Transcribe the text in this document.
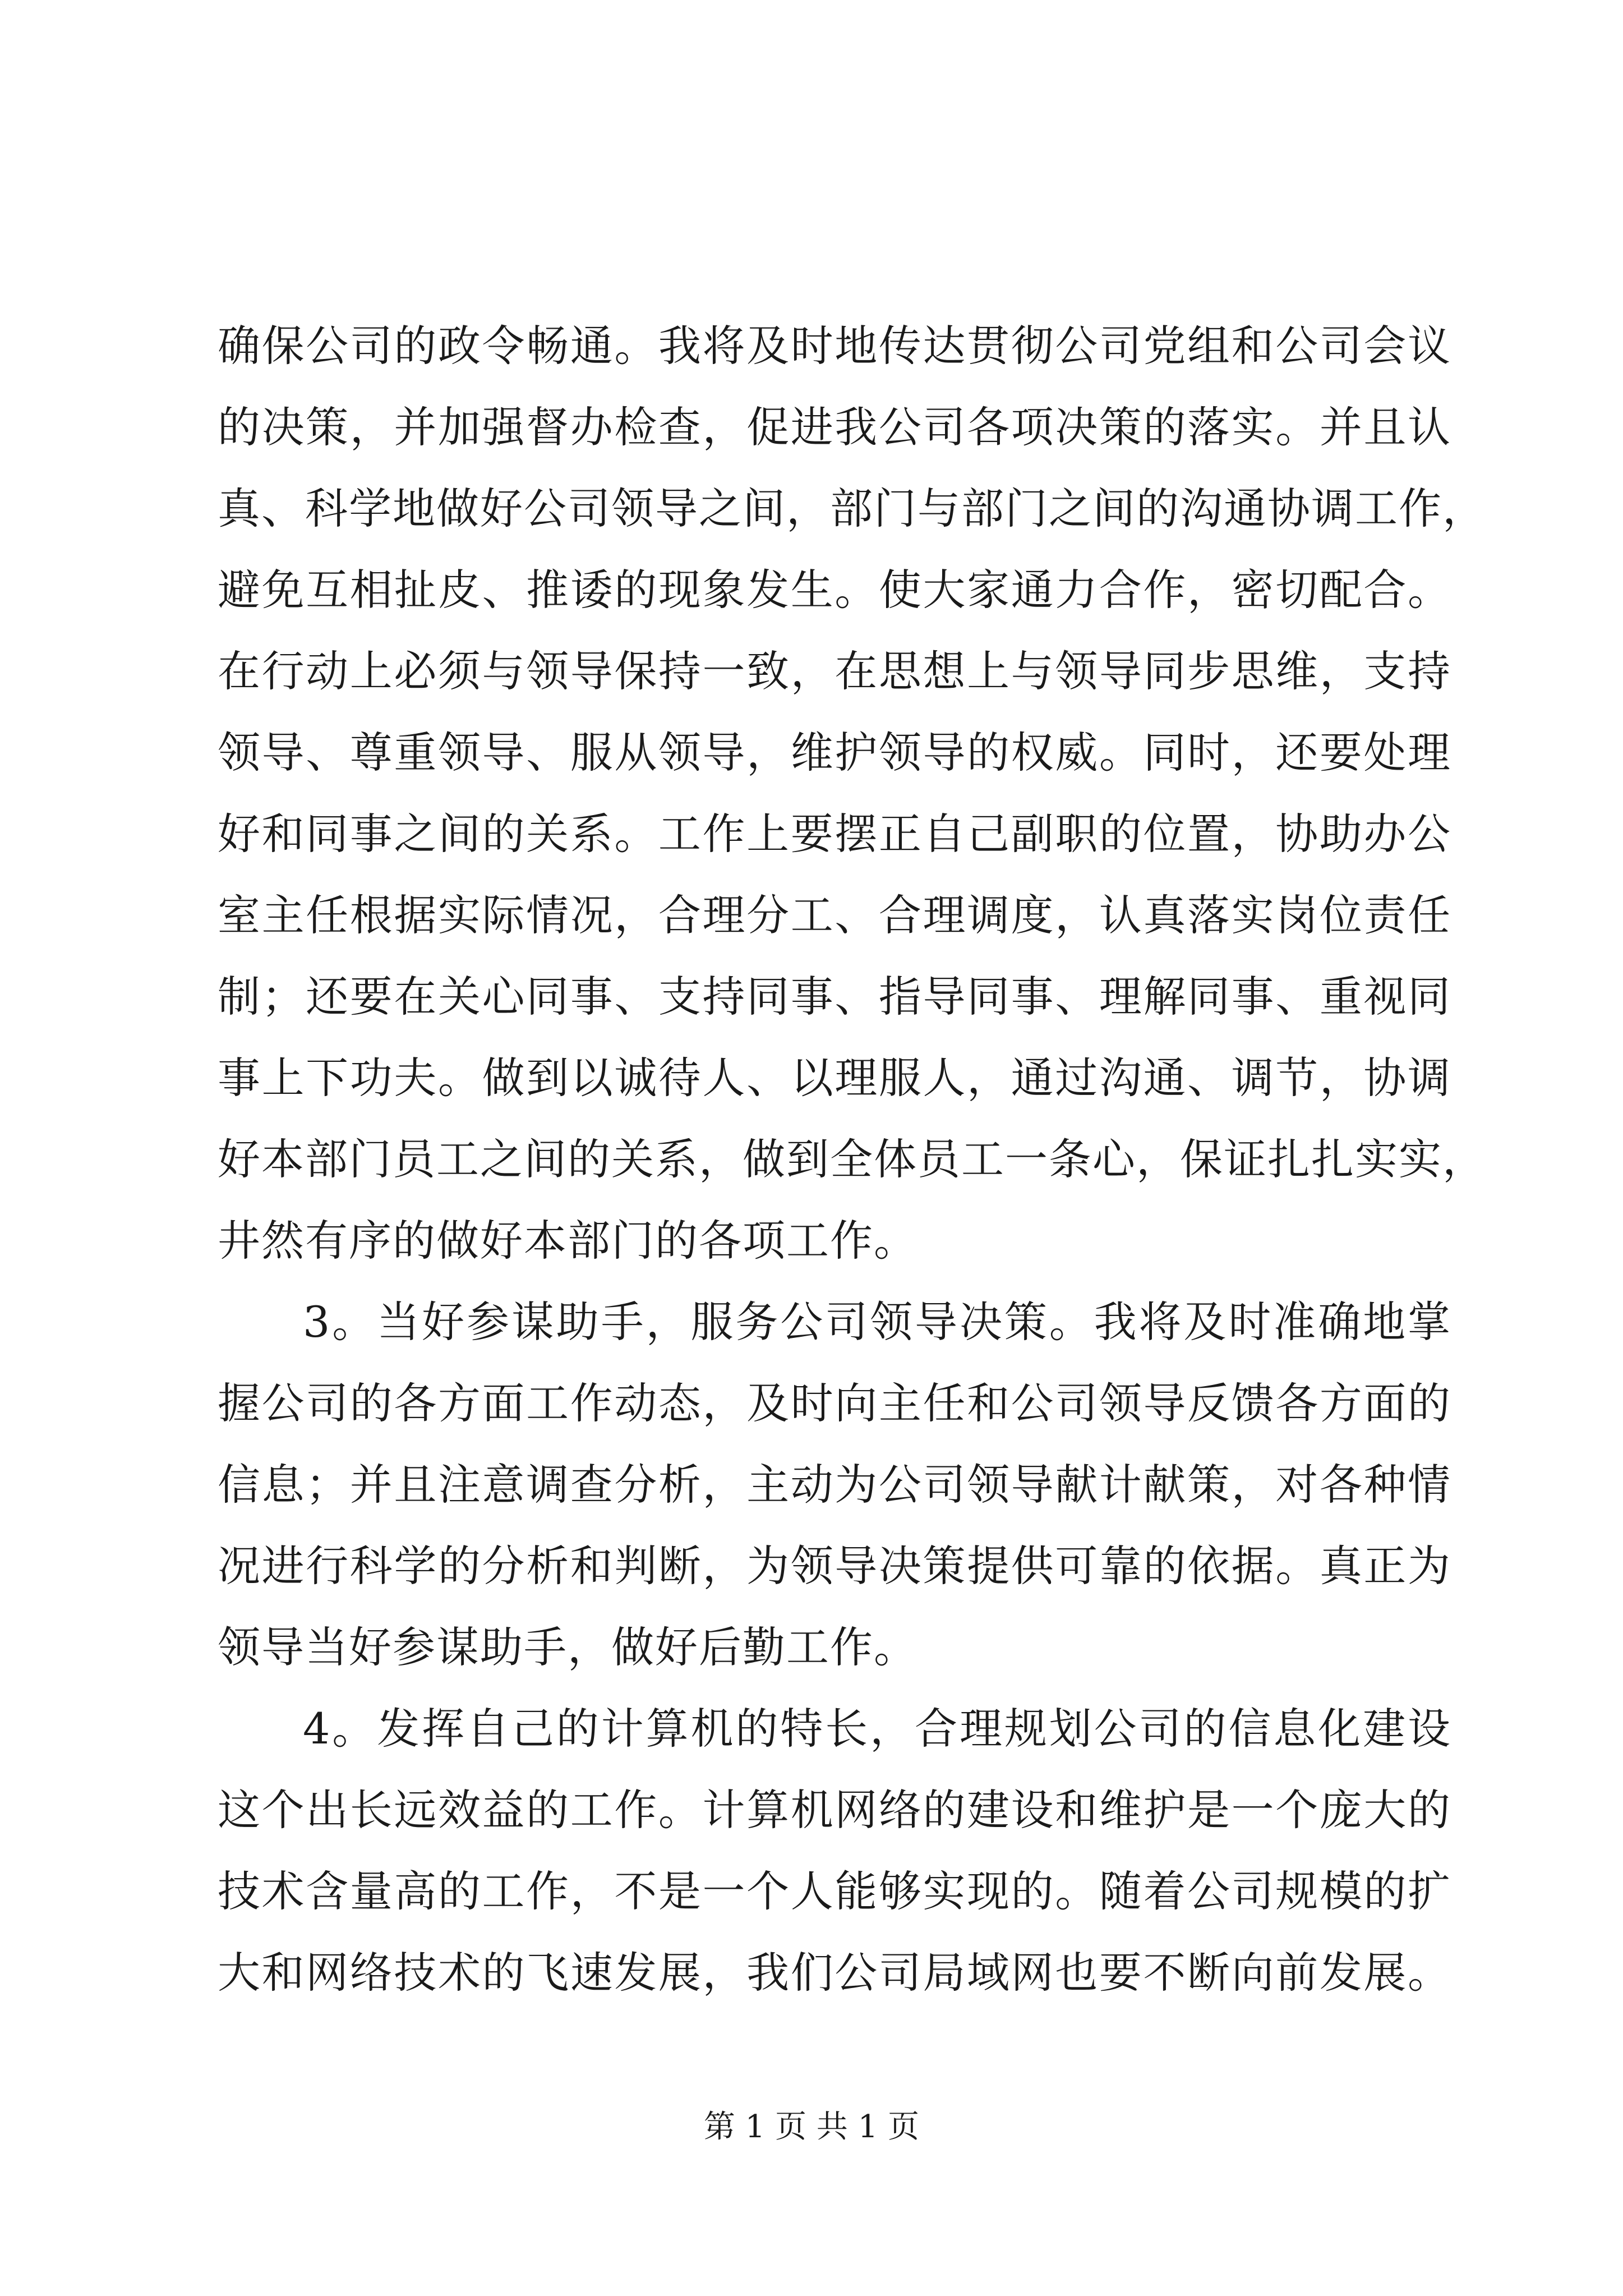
确保公司的政令畅通。我将及时地传达贯彻公司党组和公司会议
的决策，并加强督办检查，促进我公司各项决策的落实。并且认
真、科学地做好公司领导之间，部门与部门之间的沟通协调工作，
避免互相扯皮、推诿的现象发生。使大家通力合作，密切配合。
在行动上必须与领导保持一致，在思想上与领导同步思维，支持
领导、尊重领导、服从领导，维护领导的权威。同时，还要处理
好和同事之间的关系。工作上要摆正自己副职的位置，协助办公
室主任根据实际情况，合理分工、合理调度，认真落实岗位责任
制；还要在关心同事、支持同事、指导同事、理解同事、重视同
事上下功夫。做到以诚待人、以理服人，通过沟通、调节，协调
好本部门员工之间的关系，做到全体员工一条心，保证扎扎实实，
井然有序的做好本部门的各项工作。
3。当好参谋助手，服务公司领导决策。我将及时准确地掌
握公司的各方面工作动态，及时向主任和公司领导反馈各方面的
信息；并且注意调查分析，主动为公司领导献计献策，对各种情
况进行科学的分析和判断，为领导决策提供可靠的依据。真正为
领导当好参谋助手，做好后勤工作。
4。发挥自己的计算机的特长，合理规划公司的信息化建设
这个出长远效益的工作。计算机网络的建设和维护是一个庞大的
技术含量高的工作，不是一个人能够实现的。随着公司规模的扩
大和网络技术的飞速发展，我们公司局域网也要不断向前发展。
第 1 页 共 1 页
